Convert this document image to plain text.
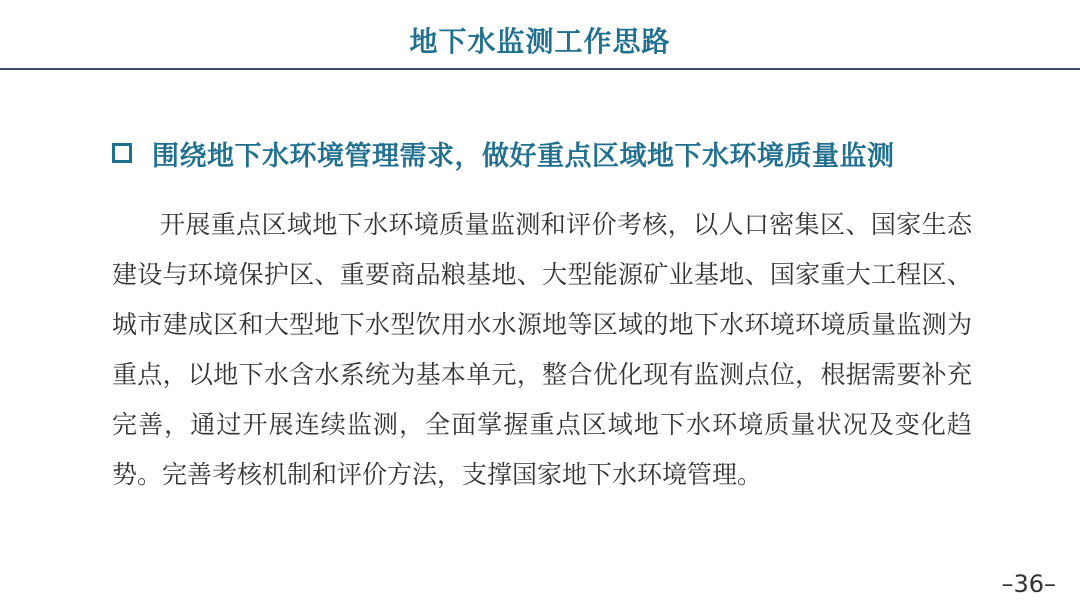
地下水监测工作思路
围绕地下水环境管理需求，做好重点区域地下水环境质量监测

开展重点区域地下水环境质量监测和评价考核，以人口密集区、国家生态建设与环境保护区、重要商品粮基地、大型能源矿业基地、国家重大工程区、城市建成区和大型地下水型饮用水水源地等区域的地下水环境环境质量监测为重点，以地下水含水系统为基本单元，整合优化现有监测点位，根据需要补充完善，通过开展连续监测，全面掌握重点区域地下水环境质量状况及变化趋势。完善考核机制和评价方法，支撑国家地下水环境管理。

–36–
